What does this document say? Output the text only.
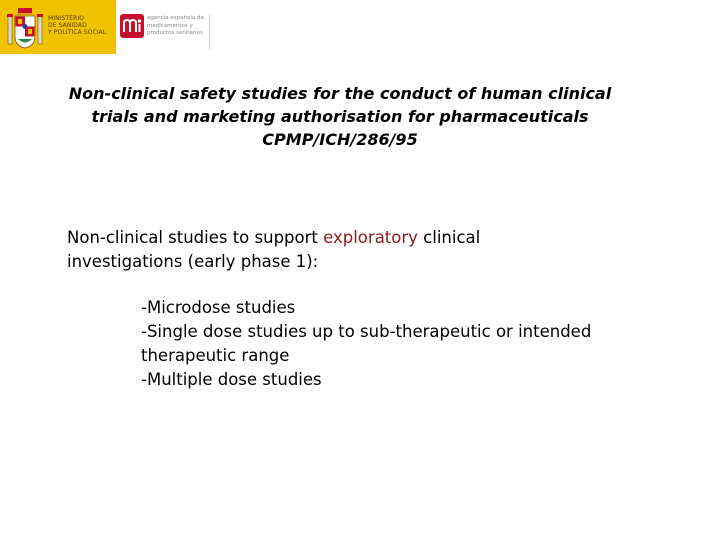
MINISTERIO
DE SANIDAD
Y POLÍTICA SOCIAL
agencia española de
medicamentos y
productos sanitarios
Non-clinical safety studies for the conduct of human clinical
trials and marketing authorisation for pharmaceuticals
CPMP/ICH/286/95
Non-clinical studies to support exploratory clinical
investigations (early phase 1):
-Microdose studies
-Single dose studies up to sub-therapeutic or intended
therapeutic range
-Multiple dose studies
